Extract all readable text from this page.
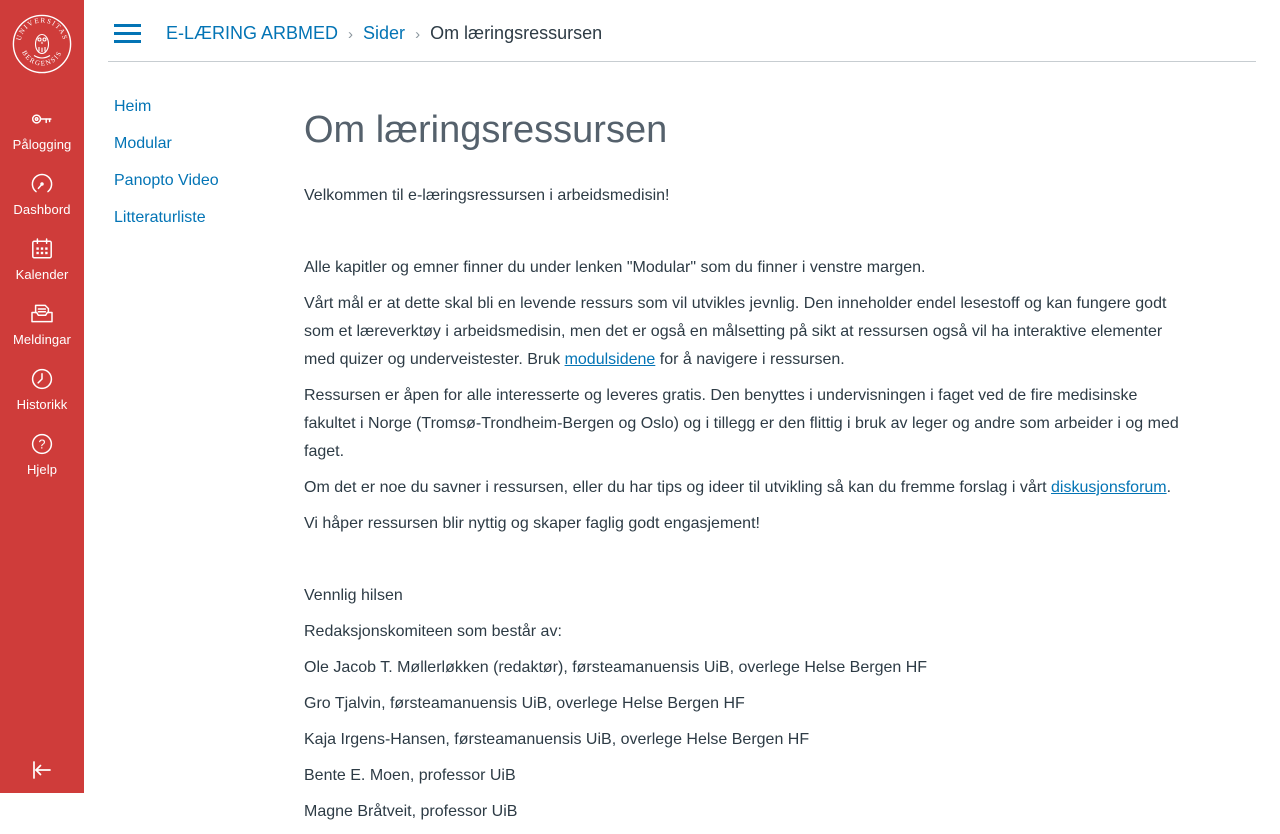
UNIVERSITAS
BERGENSIS
Pålogging
Dashbord
Kalender
Meldingar
Historikk
?
Hjelp
E-LÆRING ARBMED › Sider › Om læringsressursen
Heim
Modular
Panopto Video
Litteraturliste
Om læringsressursen

Velkommen til e-læringsressursen i arbeidsmedisin!

Alle kapitler og emner finner du under lenken "Modular" som du finner i venstre margen.

Vårt mål er at dette skal bli en levende ressurs som vil utvikles jevnlig. Den inneholder endel lesestoff og kan fungere godt som et læreverktøy i arbeidsmedisin, men det er også en målsetting på sikt at ressursen også vil ha interaktive elementer med quizer og underveistester. Bruk modulsidene for å navigere i ressursen.

Ressursen er åpen for alle interesserte og leveres gratis. Den benyttes i undervisningen i faget ved de fire medisinske fakultet i Norge (Tromsø-Trondheim-Bergen og Oslo) og i tillegg er den flittig i bruk av leger og andre som arbeider i og med faget.

Om det er noe du savner i ressursen, eller du har tips og ideer til utvikling så kan du fremme forslag i vårt diskusjonsforum.

Vi håper ressursen blir nyttig og skaper faglig godt engasjement!

Vennlig hilsen

Redaksjonskomiteen som består av:

Ole Jacob T. Møllerløkken (redaktør), førsteamanuensis UiB, overlege Helse Bergen HF

Gro Tjalvin, førsteamanuensis UiB, overlege Helse Bergen HF

Kaja Irgens-Hansen, førsteamanuensis UiB, overlege Helse Bergen HF

Bente E. Moen, professor UiB

Magne Bråtveit, professor UiB
